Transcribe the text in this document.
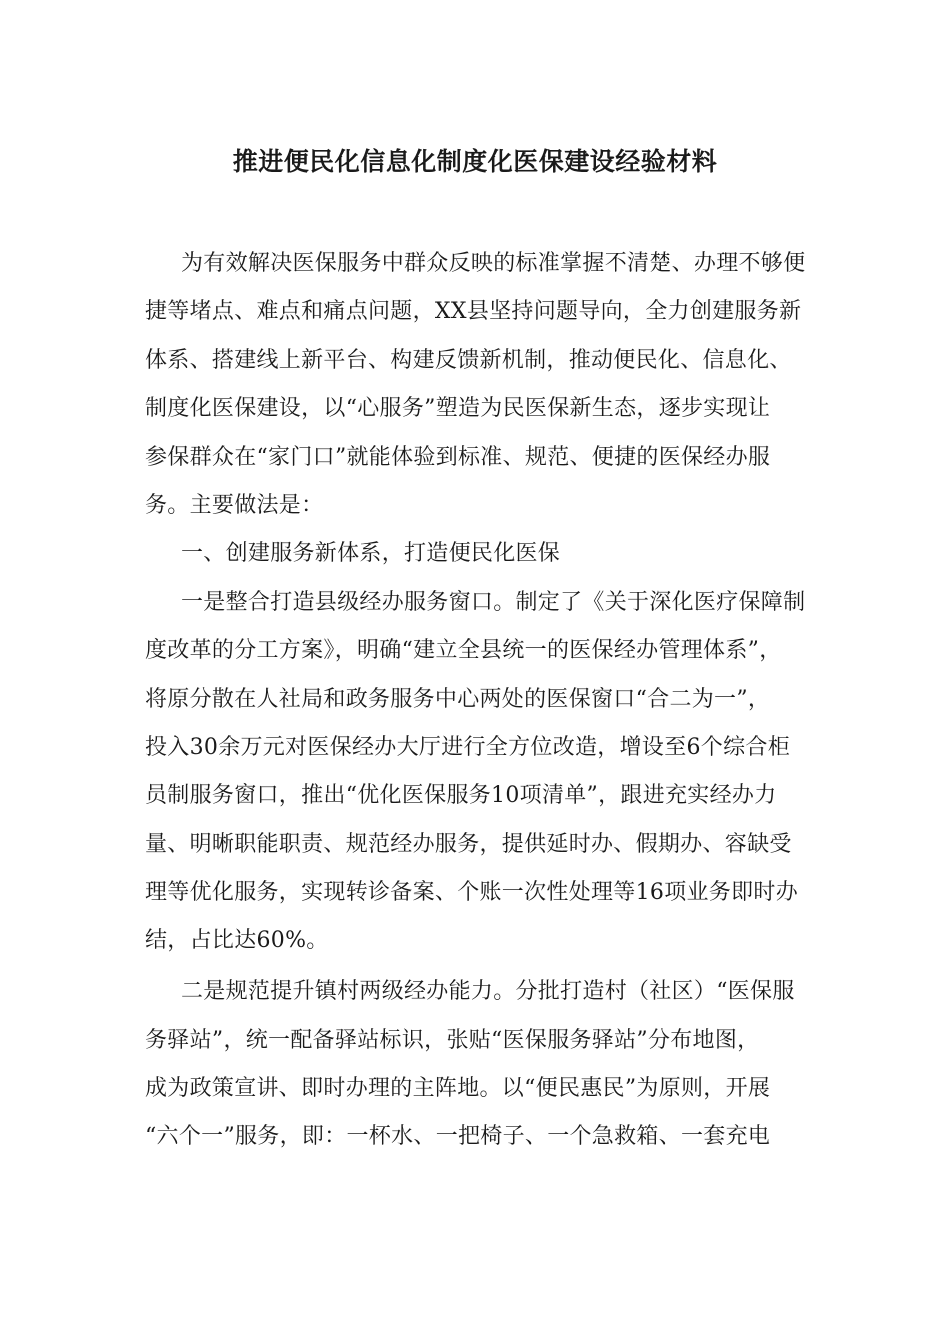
推进便民化信息化制度化医保建设经验材料
为有效解决医保服务中群众反映的标准掌握不清楚、办理不够便
捷等堵点、难点和痛点问题，XX县坚持问题导向，全力创建服务新
体系、搭建线上新平台、构建反馈新机制，推动便民化、信息化、
制度化医保建设，以“心服务”塑造为民医保新生态，逐步实现让
参保群众在“家门口”就能体验到标准、规范、便捷的医保经办服
务。主要做法是：
一、创建服务新体系，打造便民化医保
一是整合打造县级经办服务窗口。制定了《关于深化医疗保障制
度改革的分工方案》，明确“建立全县统一的医保经办管理体系”，
将原分散在人社局和政务服务中心两处的医保窗口“合二为一”，
投入30余万元对医保经办大厅进行全方位改造，增设至6个综合柜
员制服务窗口，推出“优化医保服务10项清单”，跟进充实经办力
量、明晰职能职责、规范经办服务，提供延时办、假期办、容缺受
理等优化服务，实现转诊备案、个账一次性处理等16项业务即时办
结，占比达60%。
二是规范提升镇村两级经办能力。分批打造村（社区）“医保服
务驿站”，统一配备驿站标识，张贴“医保服务驿站”分布地图，
成为政策宣讲、即时办理的主阵地。以“便民惠民”为原则，开展
“六个一”服务，即：一杯水、一把椅子、一个急救箱、一套充电
